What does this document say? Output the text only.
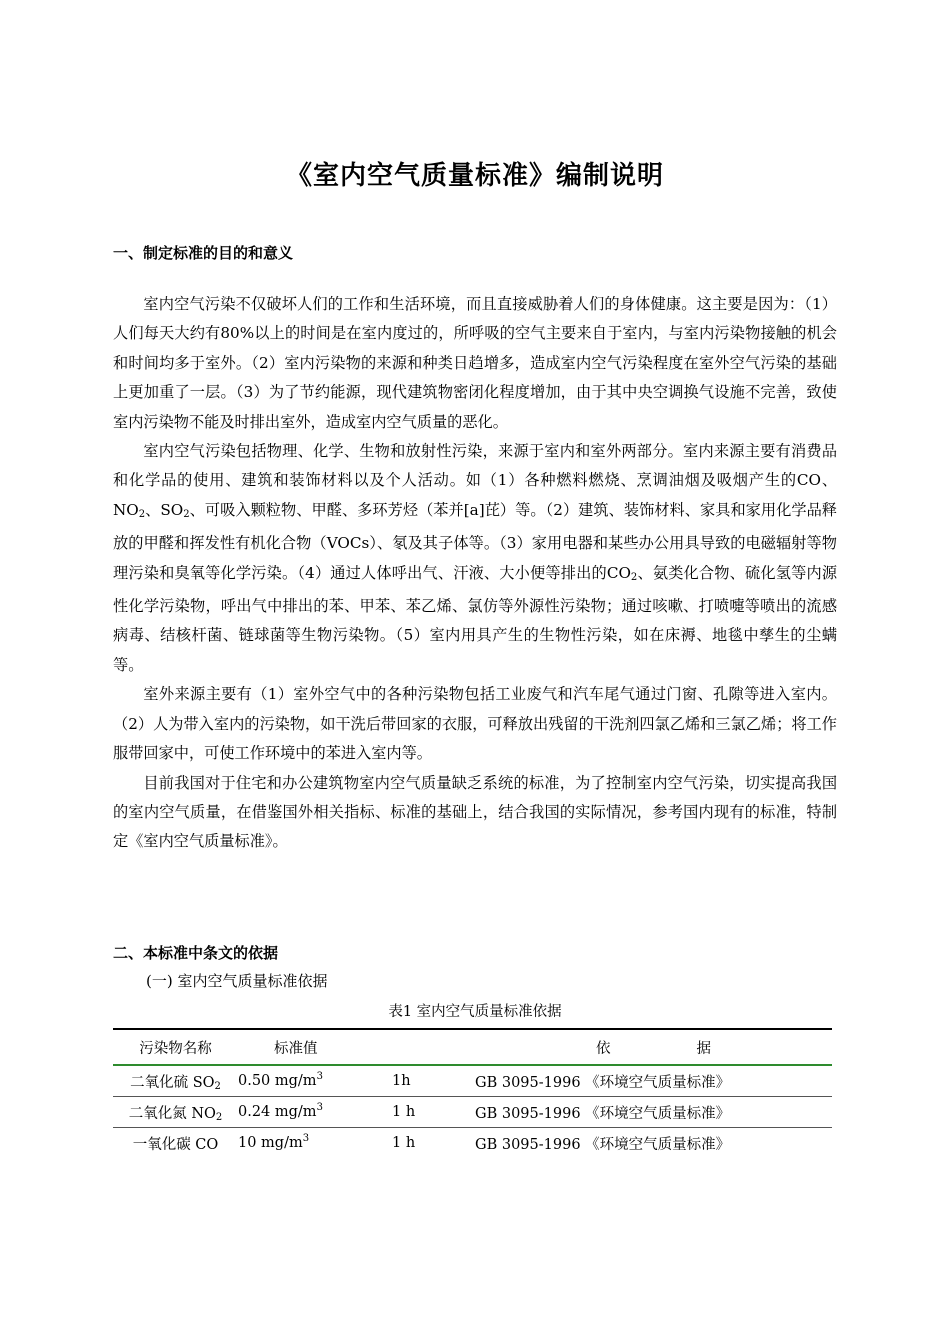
《室内空气质量标准》编制说明
一、制定标准的目的和意义

室内空气污染不仅破坏人们的工作和生活环境，而且直接威胁着人们的身体健康。这主要是因为：（1）人们每天大约有80%以上的时间是在室内度过的，所呼吸的空气主要来自于室内，与室内污染物接触的机会和时间均多于室外。（2）室内污染物的来源和种类日趋增多，造成室内空气污染程度在室外空气污染的基础上更加重了一层。（3）为了节约能源，现代建筑物密闭化程度增加，由于其中央空调换气设施不完善，致使室内污染物不能及时排出室外，造成室内空气质量的恶化。

室内空气污染包括物理、化学、生物和放射性污染，来源于室内和室外两部分。室内来源主要有消费品和化学品的使用、建筑和装饰材料以及个人活动。如（1）各种燃料燃烧、烹调油烟及吸烟产生的CO、$NO_2$、$SO_2$、可吸入颗粒物、甲醛、多环芳烃（苯并[a]芘）等。（2）建筑、装饰材料、家具和家用化学品释放的甲醛和挥发性有机化合物（VOCs）、氡及其子体等。（3）家用电器和某些办公用具导致的电磁辐射等物理污染和臭氧等化学污染。（4）通过人体呼出气、汗液、大小便等排出的$CO_2$、氨类化合物、硫化氢等内源性化学污染物，呼出气中排出的苯、甲苯、苯乙烯、氯仿等外源性污染物；通过咳嗽、打喷嚏等喷出的流感病毒、结核杆菌、链球菌等生物污染物。（5）室内用具产生的生物性污染，如在床褥、地毯中孳生的尘螨等。

室外来源主要有（1）室外空气中的各种污染物包括工业废气和汽车尾气通过门窗、孔隙等进入室内。（2）人为带入室内的污染物，如干洗后带回家的衣服，可释放出残留的干洗剂四氯乙烯和三氯乙烯；将工作服带回家中，可使工作环境中的苯进入室内等。

目前我国对于住宅和办公建筑物室内空气质量缺乏系统的标准，为了控制室内空气污染，切实提高我国的室内空气质量，在借鉴国外相关指标、标准的基础上，结合我国的实际情况，参考国内现有的标准，特制定《室内空气质量标准》。

二、本标准中条文的依据
(一) 室内空气质量标准依据
表1 室内空气质量标准依据
污染物名称	标准值		依 据
二氧化硫 $SO_2$	0.50 $mg/m^3$	1h	GB 3095-1996 《环境空气质量标准》
二氧化氮 $NO_2$	0.24 $mg/m^3$	1 h	GB 3095-1996 《环境空气质量标准》
一氧化碳 CO	10 $mg/m^3$	1 h	GB 3095-1996 《环境空气质量标准》
